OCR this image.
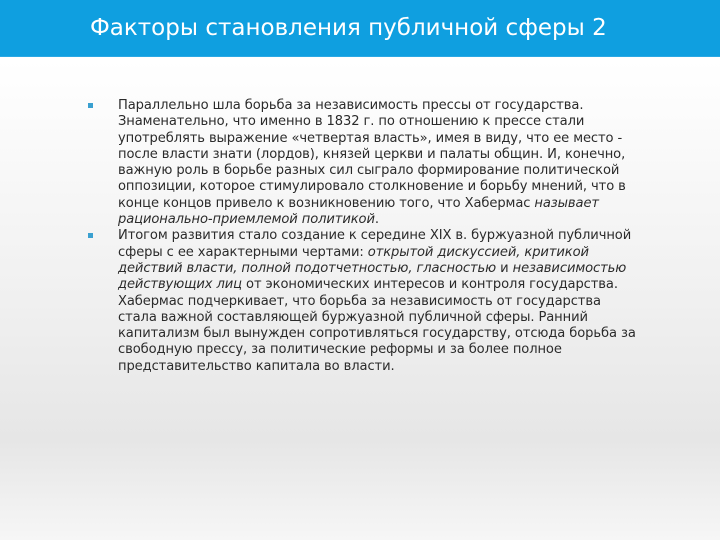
Факторы становления публичной сферы 2
Параллельно шла борьба за независимость прессы от государства. Знаменательно, что именно в 1832 г. по отношению к прессе стали употреблять выражение «четвертая власть», имея в виду, что ее место - после власти знати (лордов), князей церкви и палаты общин. И, конечно, важную роль в борьбе разных сил сыграло формирование политической оппозиции, которое стимулировало столкновение и борьбу мнений, что в конце концов привело к возникновению того, что Хабермас называет рационально-приемлемой политикой.
Итогом развития стало создание к середине XIX в. буржуазной публичной сферы с ее характерными чертами: открытой дискуссией, критикой действий власти, полной подотчетностью, гласностью и независимостью действующих лиц от экономических интересов и контроля государства. Хабермас подчеркивает, что борьба за независимость от государства стала важной составляющей буржуазной публичной сферы. Ранний капитализм был вынужден сопротивляться государству, отсюда борьба за свободную прессу, за политические реформы и за более полное представительство капитала во власти.
